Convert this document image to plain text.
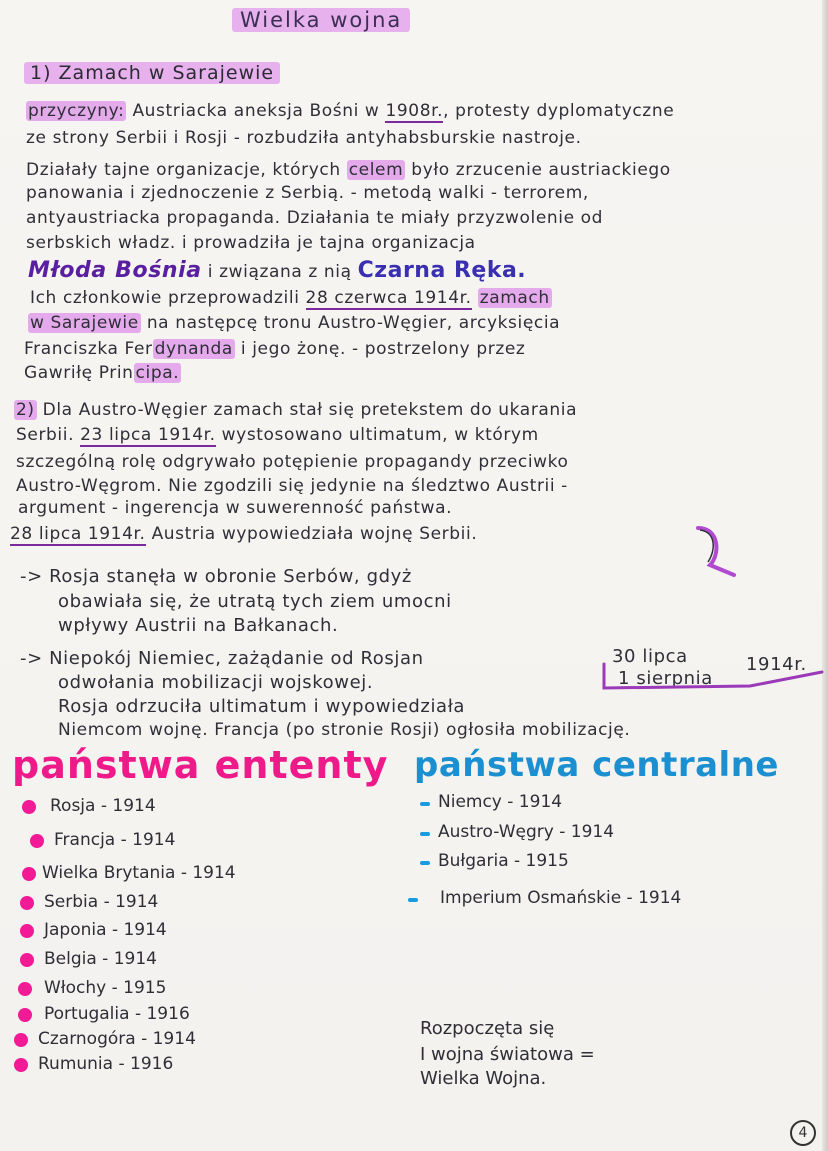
Wielka wojna
1) Zamach w Sarajewie
przyczyny: Austriacka aneksja Bośni w 1908r., protesty dyplomatyczne
ze strony Serbii i Rosji - rozbudziła antyhabsburskie nastroje.
Działały tajne organizacje, których celem było zrzucenie austriackiego
panowania i zjednoczenie z Serbią. - metodą walki - terrorem,
antyaustriacka propaganda. Działania te miały przyzwolenie od
serbskich władz. i prowadziła je tajna organizacja
Młoda Bośnia i związana z nią Czarna Ręka.
Ich członkowie przeprowadzili 28 czerwca 1914r. zamach
w Sarajewie na następcę tronu Austro-Węgier, arcyksięcia
Franciszka Fer dynanda i jego żonę. - postrzelony przez
Gawriłę Prin cipa.
2) Dla Austro-Węgier zamach stał się pretekstem do ukarania
Serbii. 23 lipca 1914r. wystosowano ultimatum, w którym
szczególną rolę odgrywało potępienie propagandy przeciwko
Austro-Węgrom. Nie zgodzili się jedynie na śledztwo Austrii -
argument - ingerencja w suwerenność państwa.
28 lipca 1914r. Austria wypowiedziała wojnę Serbii.
-> Rosja stanęła w obronie Serbów, gdyż
obawiała się, że utratą tych ziem umocni
wpływy Austrii na Bałkanach.
-> Niepokój Niemiec, zażądanie od Rosjan	30 lipca	1914r.
odwołania mobilizacji wojskowej.	1 sierpnia
Rosja odrzuciła ultimatum i wypowiedziała
Niemcom wojnę. Francja (po stronie Rosji) ogłosiła mobilizację.
państwa ententy
Rosja - 1914
Francja - 1914
Wielka Brytania - 1914
Serbia - 1914
Japonia - 1914
Belgia - 1914
Włochy - 1915
Portugalia - 1916
Czarnogóra - 1914
Rumunia - 1916
państwa centralne
Niemcy - 1914
Austro-Węgry - 1914
Bułgaria - 1915
Imperium Osmańskie - 1914
Rozpoczęta się
I wojna światowa =
Wielka Wojna.
4
